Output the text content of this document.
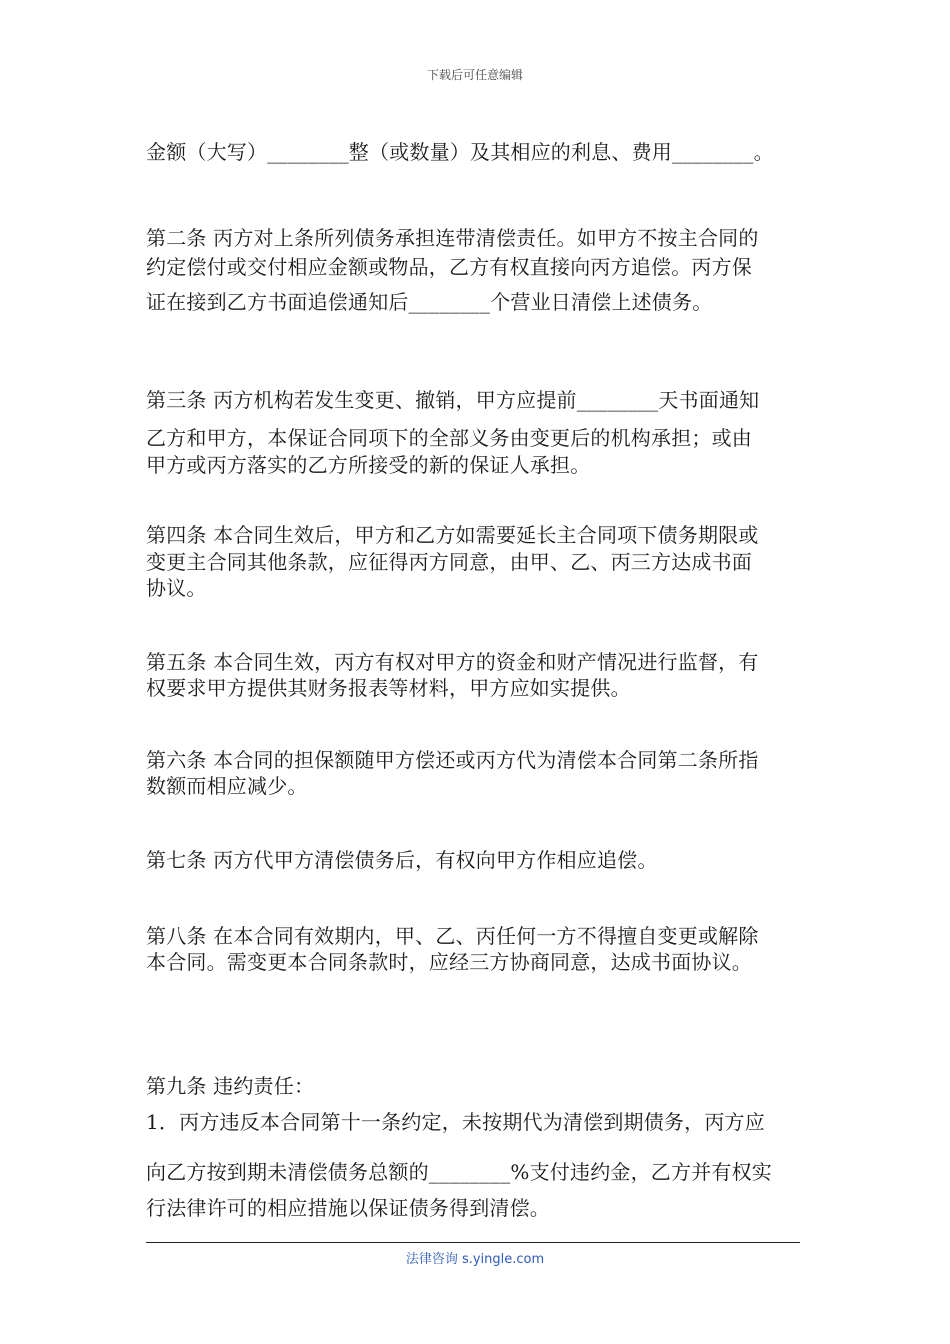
下载后可任意编辑
金额（大写）________整（或数量）及其相应的利息、费用________。
第二条 丙方对上条所列债务承担连带清偿责任。如甲方不按主合同的
约定偿付或交付相应金额或物品，乙方有权直接向丙方追偿。丙方保
证在接到乙方书面追偿通知后________个营业日清偿上述债务。
第三条 丙方机构若发生变更、撤销，甲方应提前________天书面通知
乙方和甲方，本保证合同项下的全部义务由变更后的机构承担；或由
甲方或丙方落实的乙方所接受的新的保证人承担。
第四条 本合同生效后，甲方和乙方如需要延长主合同项下债务期限或
变更主合同其他条款，应征得丙方同意，由甲、乙、丙三方达成书面
协议。
第五条 本合同生效，丙方有权对甲方的资金和财产情况进行监督，有
权要求甲方提供其财务报表等材料，甲方应如实提供。
第六条 本合同的担保额随甲方偿还或丙方代为清偿本合同第二条所指
数额而相应减少。
第七条 丙方代甲方清偿债务后，有权向甲方作相应追偿。
第八条 在本合同有效期内，甲、乙、丙任何一方不得擅自变更或解除
本合同。需变更本合同条款时，应经三方协商同意，达成书面协议。
第九条 违约责任：
1．丙方违反本合同第十一条约定，未按期代为清偿到期债务，丙方应
向乙方按到期未清偿债务总额的________%支付违约金，乙方并有权实
行法律许可的相应措施以保证债务得到清偿。
法律咨询 s.yingle.com
